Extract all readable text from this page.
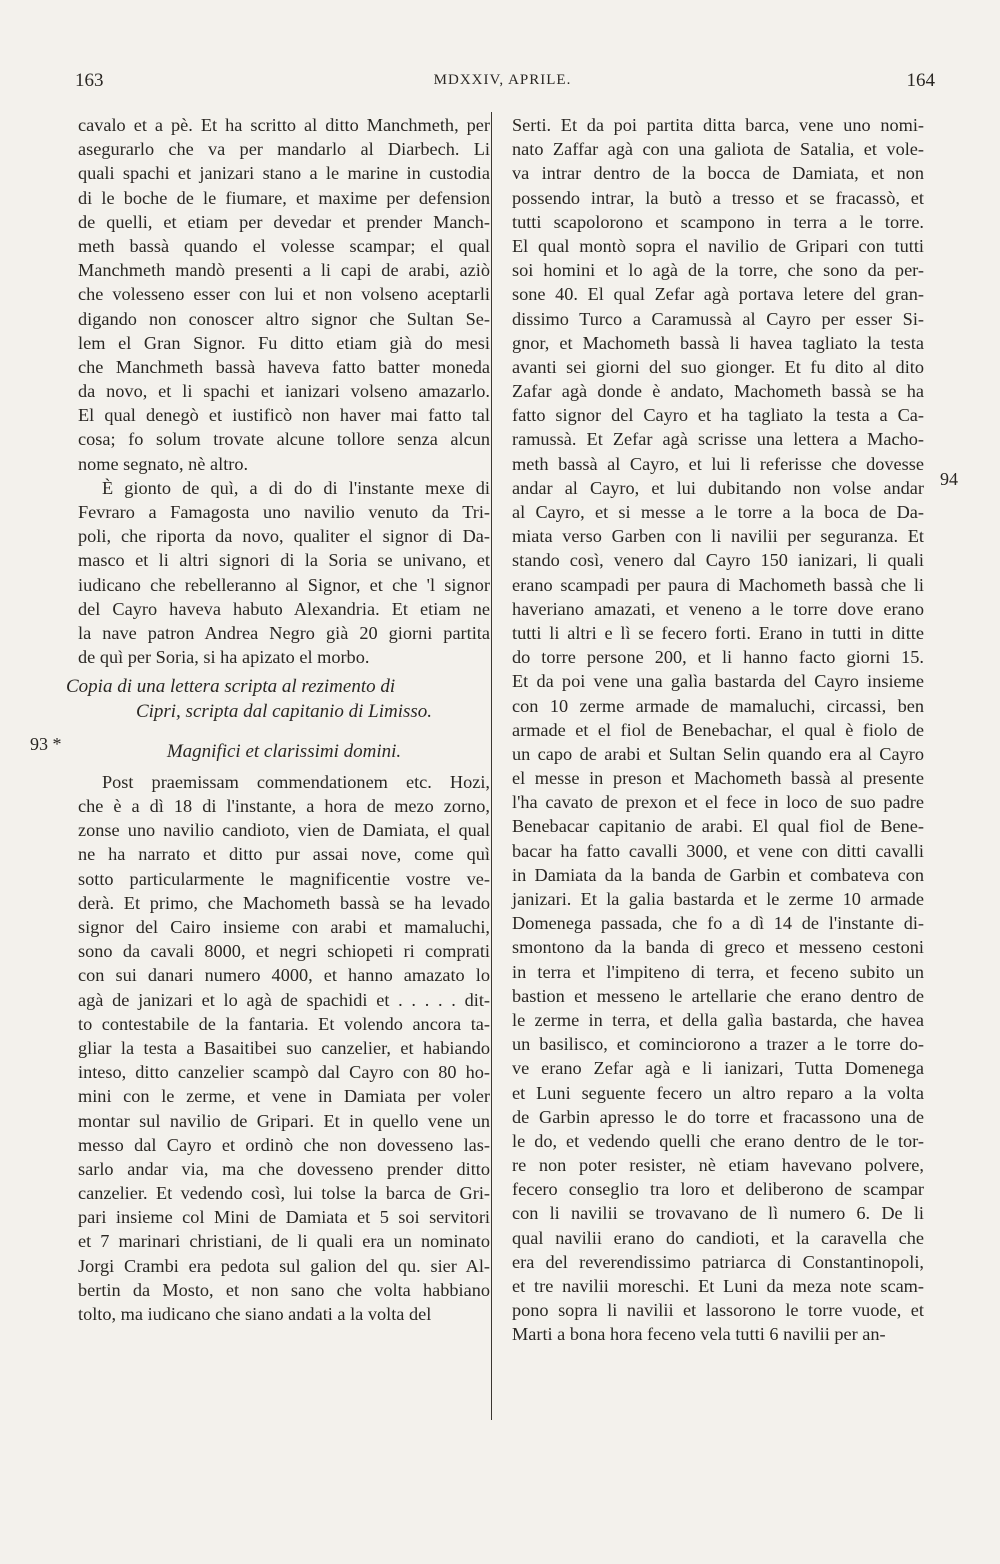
163	MDXXIV, APRILE.	164
93 *
94
cavalo et a pè. Et ha scritto al ditto Manchmeth, per
asegurarlo che va per mandarlo al Diarbech. Li
quali spachi et janizari stano a le marine in custodia
di le boche de le fiumare, et maxime per defension
de quelli, et etiam per devedar et prender Manch-
meth bassà quando el volesse scampar; el qual
Manchmeth mandò presenti a li capi de arabi, aziò
che volesseno esser con lui et non volseno aceptarli
digando non conoscer altro signor che Sultan Se-
lem el Gran Signor. Fu ditto etiam già do mesi
che Manchmeth bassà haveva fatto batter moneda
da novo, et li spachi et ianizari volseno amazarlo.
El qual denegò et iustificò non haver mai fatto tal
cosa; fo solum trovate alcune tollore senza alcun
nome segnato, nè altro.
È gionto de quì, a di do di l'instante mexe di
Fevraro a Famagosta uno navilio venuto da Tri-
poli, che riporta da novo, qualiter el signor di Da-
masco et li altri signori di la Soria se univano, et
iudicano che rebelleranno al Signor, et che 'l signor
del Cayro haveva habuto Alexandria. Et etiam ne
la nave patron Andrea Negro già 20 giorni partita
de quì per Soria, si ha apizato el morbo.
Copia di una lettera scripta al rezimento di
Cipri, scripta dal capitanio di Limisso.
Magnifici et clarissimi domini.
Post praemissam commendationem etc. Hozi,
che è a dì 18 di l'instante, a hora de mezo zorno,
zonse uno navilio candioto, vien de Damiata, el qual
ne ha narrato et ditto pur assai nove, come quì
sotto particularmente le magnificentie vostre ve-
derà. Et primo, che Machometh bassà se ha levado
signor del Cairo insieme con arabi et mamaluchi,
sono da cavali 8000, et negri schiopeti ri comprati
con sui danari numero 4000, et hanno amazato lo
agà de janizari et lo agà de spachidi et . . . . . dit-
to contestabile de la fantaria. Et volendo ancora ta-
gliar la testa a Basaitibei suo canzelier, et habiando
inteso, ditto canzelier scampò dal Cayro con 80 ho-
mini con le zerme, et vene in Damiata per voler
montar sul navilio de Gripari. Et in quello vene un
messo dal Cayro et ordinò che non dovesseno las-
sarlo andar via, ma che dovesseno prender ditto
canzelier. Et vedendo così, lui tolse la barca de Gri-
pari insieme col Mini de Damiata et 5 soi servitori
et 7 marinari christiani, de li quali era un nominato
Jorgi Crambi era pedota sul galion del qu. sier Al-
bertin da Mosto, et non sano che volta habbiano
tolto, ma iudicano che siano andati a la volta del
Serti. Et da poi partita ditta barca, vene uno nomi-
nato Zaffar agà con una galiota de Satalia, et vole-
va intrar dentro de la bocca de Damiata, et non
possendo intrar, la butò a tresso et se fracassò, et
tutti scapolorono et scampono in terra a le torre.
El qual montò sopra el navilio de Gripari con tutti
soi homini et lo agà de la torre, che sono da per-
sone 40. El qual Zefar agà portava letere del gran-
dissimo Turco a Caramussà al Cayro per esser Si-
gnor, et Machometh bassà li havea tagliato la testa
avanti sei giorni del suo gionger. Et fu dito al dito
Zafar agà donde è andato, Machometh bassà se ha
fatto signor del Cayro et ha tagliato la testa a Ca-
ramussà. Et Zefar agà scrisse una lettera a Macho-
meth bassà al Cayro, et lui li referisse che dovesse
andar al Cayro, et lui dubitando non volse andar
al Cayro, et si messe a le torre a la boca de Da-
miata verso Garben con li navilii per seguranza. Et
stando così, venero dal Cayro 150 ianizari, li quali
erano scampadi per paura di Machometh bassà che li
haveriano amazati, et veneno a le torre dove erano
tutti li altri e lì se fecero forti. Erano in tutti in ditte
do torre persone 200, et li hanno facto giorni 15.
Et da poi vene una galìa bastarda del Cayro insieme
con 10 zerme armade de mamaluchi, circassi, ben
armade et el fiol de Benebachar, el qual è fiolo de
un capo de arabi et Sultan Selin quando era al Cayro
el messe in preson et Machometh bassà al presente
l'ha cavato de prexon et el fece in loco de suo padre
Benebacar capitanio de arabi. El qual fiol de Bene-
bacar ha fatto cavalli 3000, et vene con ditti cavalli
in Damiata da la banda de Garbin et combateva con
janizari. Et la galia bastarda et le zerme 10 armade
Domenega passada, che fo a dì 14 de l'instante di-
smontono da la banda di greco et messeno cestoni
in terra et l'impiteno di terra, et feceno subito un
bastion et messeno le artellarie che erano dentro de
le zerme in terra, et della galìa bastarda, che havea
un basilisco, et cominciorono a trazer a le torre do-
ve erano Zefar agà e li ianizari, Tutta Domenega
et Luni seguente fecero un altro reparo a la volta
de Garbin apresso le do torre et fracassono una de
le do, et vedendo quelli che erano dentro de le tor-
re non poter resister, nè etiam havevano polvere,
fecero conseglio tra loro et deliberono de scampar
con li navilii se trovavano de lì numero 6. De li
qual navilii erano do candioti, et la caravella che
era del reverendissimo patriarca di Constantinopoli,
et tre navilii moreschi. Et Luni da meza note scam-
pono sopra li navilii et lassorono le torre vuode, et
Marti a bona hora feceno vela tutti 6 navilii per an-
